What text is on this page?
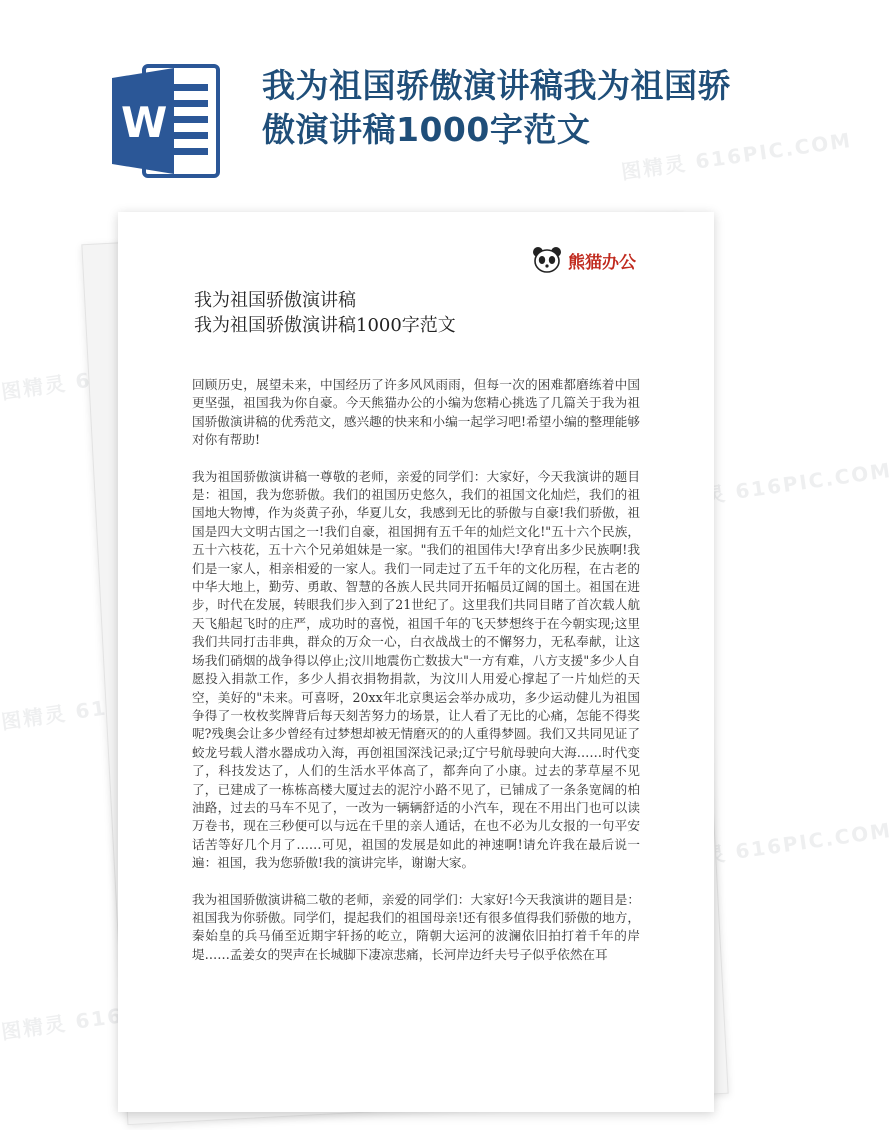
W
我为祖国骄傲演讲稿我为祖国骄傲演讲稿1000字范文
图精灵 616PIC.COM
图精灵
图精灵
图精灵 616PIC.COM
图精灵 616PIC.COM
熊猫办公
我为祖国骄傲演讲稿
我为祖国骄傲演讲稿1000字范文

回顾历史，展望未来，中国经历了许多风风雨雨，但每一次的困难都磨练着中国更坚强，祖国我为你自豪。今天熊猫办公的小编为您精心挑选了几篇关于我为祖国骄傲演讲稿的优秀范文，感兴趣的快来和小编一起学习吧!希望小编的整理能够对你有帮助!

我为祖国骄傲演讲稿一尊敬的老师，亲爱的同学们：大家好，今天我演讲的题目是：祖国，我为您骄傲。我们的祖国历史悠久，我们的祖国文化灿烂，我们的祖国地大物博，作为炎黄子孙，华夏儿女，我感到无比的骄傲与自豪!我们骄傲，祖国是四大文明古国之一!我们自豪，祖国拥有五千年的灿烂文化!"五十六个民族，五十六枝花，五十六个兄弟姐妹是一家。"我们的祖国伟大!孕育出多少民族啊!我们是一家人，相亲相爱的一家人。我们一同走过了五千年的文化历程，在古老的中华大地上，勤劳、勇敢、智慧的各族人民共同开拓幅员辽阔的国土。祖国在进步，时代在发展，转眼我们步入到了21世纪了。这里我们共同目睹了首次载人航天飞船起飞时的庄严，成功时的喜悦，祖国千年的飞天梦想终于在今朝实现;这里我们共同打击非典，群众的万众一心，白衣战战士的不懈努力，无私奉献，让这场我们硝烟的战争得以停止;汶川地震伤亡数拔大"一方有难，八方支援"多少人自愿投入捐款工作，多少人捐衣捐物捐款，为汶川人用爱心撑起了一片灿烂的天空，美好的"未来。可喜呀，20xx年北京奥运会举办成功，多少运动健儿为祖国争得了一枚枚奖牌背后每天刻苦努力的场景，让人看了无比的心痛，怎能不得奖呢?残奥会让多少曾经有过梦想却被无情磨灭的的人重得梦圆。我们又共同见证了蛟龙号载人潜水器成功入海，再创祖国深浅记录;辽宁号航母驶向大海……时代变了，科技发达了，人们的生活水平体高了，都奔向了小康。过去的茅草屋不见了，已建成了一栋栋高楼大厦过去的泥泞小路不见了，已铺成了一条条宽阔的柏油路，过去的马车不见了，一改为一辆辆舒适的小汽车，现在不用出门也可以读万卷书，现在三秒便可以与远在千里的亲人通话，在也不必为儿女报的一句平安话苦等好几个月了……可见，祖国的发展是如此的神速啊!请允许我在最后说一遍：祖国，我为您骄傲!我的演讲完毕，谢谢大家。

我为祖国骄傲演讲稿二敬的老师，亲爱的同学们：大家好!今天我演讲的题目是：祖国我为你骄傲。同学们，提起我们的祖国母亲!还有很多值得我们骄傲的地方，秦始皇的兵马俑至近期宇轩扬的屹立，隋朝大运河的波澜依旧拍打着千年的岸堤……孟姜女的哭声在长城脚下凄凉悲痛，长河岸边纤夫号子似乎依然在耳
